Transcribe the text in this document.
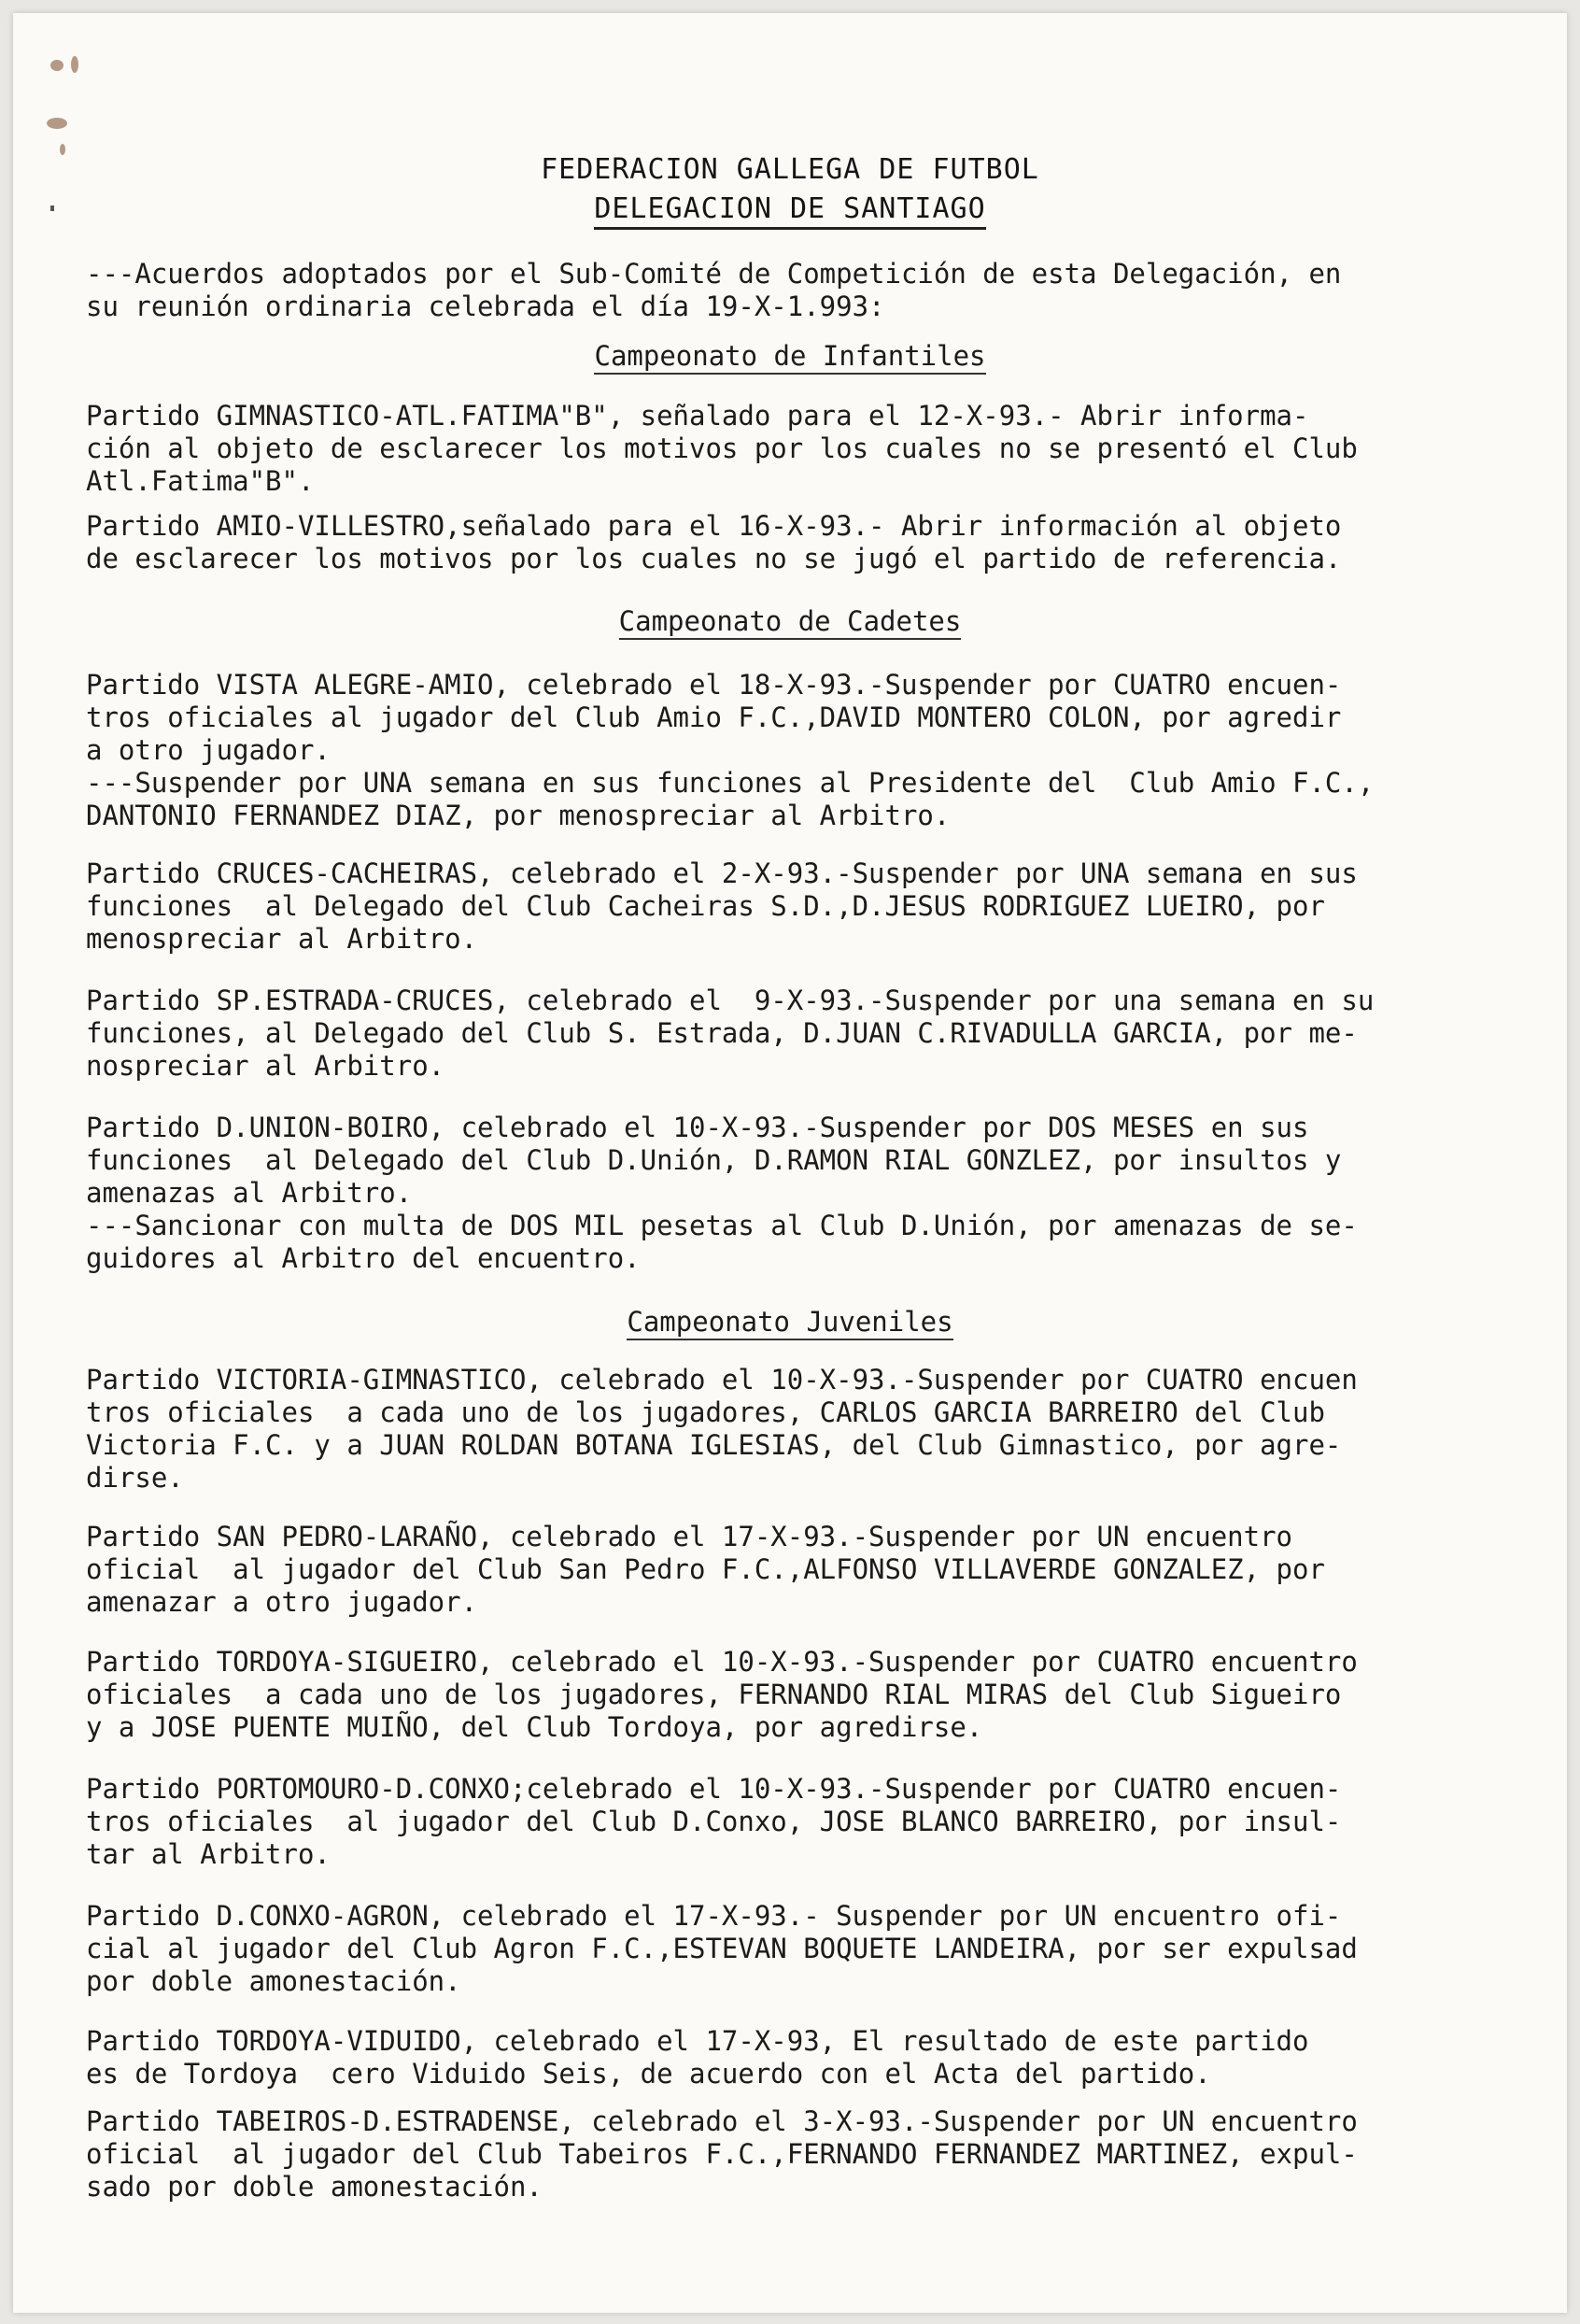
FEDERACION GALLEGA DE FUTBOL
DELEGACION DE SANTIAGO
---Acuerdos adoptados por el Sub-Comité de Competición de esta Delegación, en
su reunión ordinaria celebrada el día 19-X-1.993:
Campeonato de Infantiles
Partido GIMNASTICO-ATL.FATIMA"B", señalado para el 12-X-93.- Abrir informa-
ción al objeto de esclarecer los motivos por los cuales no se presentó el Club
Atl.Fatima"B".
Partido AMIO-VILLESTRO,señalado para el 16-X-93.- Abrir información al objeto
de esclarecer los motivos por los cuales no se jugó el partido de referencia.
Campeonato de Cadetes
Partido VISTA ALEGRE-AMIO, celebrado el 18-X-93.-Suspender por CUATRO encuen-
tros oficiales al jugador del Club Amio F.C.,DAVID MONTERO COLON, por agredir
a otro jugador.
---Suspender por UNA semana en sus funciones al Presidente del  Club Amio F.C.,
DANTONIO FERNANDEZ DIAZ, por menospreciar al Arbitro.
Partido CRUCES-CACHEIRAS, celebrado el 2-X-93.-Suspender por UNA semana en sus
funciones  al Delegado del Club Cacheiras S.D.,D.JESUS RODRIGUEZ LUEIRO, por
menospreciar al Arbitro.
Partido SP.ESTRADA-CRUCES, celebrado el  9-X-93.-Suspender por una semana en su
funciones, al Delegado del Club S. Estrada, D.JUAN C.RIVADULLA GARCIA, por me-
nospreciar al Arbitro.
Partido D.UNION-BOIRO, celebrado el 10-X-93.-Suspender por DOS MESES en sus
funciones  al Delegado del Club D.Unión, D.RAMON RIAL GONZLEZ, por insultos y
amenazas al Arbitro.
---Sancionar con multa de DOS MIL pesetas al Club D.Unión, por amenazas de se-
guidores al Arbitro del encuentro.
Campeonato Juveniles
Partido VICTORIA-GIMNASTICO, celebrado el 10-X-93.-Suspender por CUATRO encuen
tros oficiales  a cada uno de los jugadores, CARLOS GARCIA BARREIRO del Club
Victoria F.C. y a JUAN ROLDAN BOTANA IGLESIAS, del Club Gimnastico, por agre-
dirse.
Partido SAN PEDRO-LARAÑO, celebrado el 17-X-93.-Suspender por UN encuentro
oficial  al jugador del Club San Pedro F.C.,ALFONSO VILLAVERDE GONZALEZ, por
amenazar a otro jugador.
Partido TORDOYA-SIGUEIRO, celebrado el 10-X-93.-Suspender por CUATRO encuentro
oficiales  a cada uno de los jugadores, FERNANDO RIAL MIRAS del Club Sigueiro
y a JOSE PUENTE MUIÑO, del Club Tordoya, por agredirse.
Partido PORTOMOURO-D.CONXO;celebrado el 10-X-93.-Suspender por CUATRO encuen-
tros oficiales  al jugador del Club D.Conxo, JOSE BLANCO BARREIRO, por insul-
tar al Arbitro.
Partido D.CONXO-AGRON, celebrado el 17-X-93.- Suspender por UN encuentro ofi-
cial al jugador del Club Agron F.C.,ESTEVAN BOQUETE LANDEIRA, por ser expulsad
por doble amonestación.
Partido TORDOYA-VIDUIDO, celebrado el 17-X-93, El resultado de este partido
es de Tordoya  cero Viduido Seis, de acuerdo con el Acta del partido.
Partido TABEIROS-D.ESTRADENSE, celebrado el 3-X-93.-Suspender por UN encuentro
oficial  al jugador del Club Tabeiros F.C.,FERNANDO FERNANDEZ MARTINEZ, expul-
sado por doble amonestación.
